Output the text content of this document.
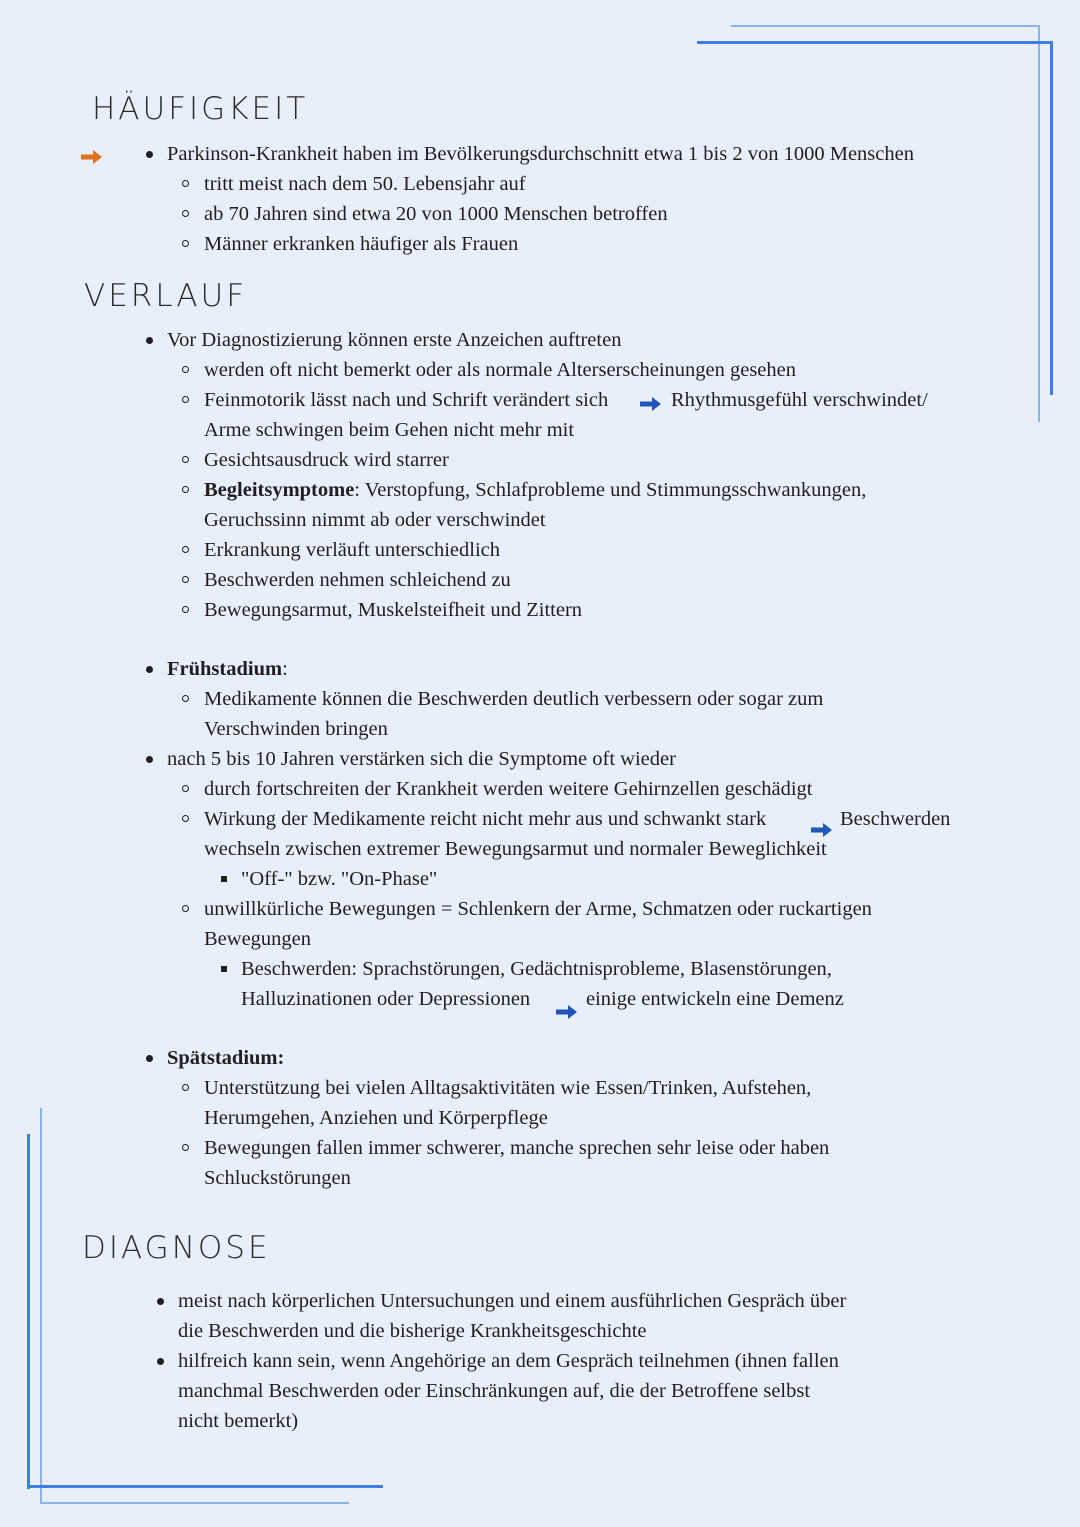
HÄUFIGKEIT
Parkinson-Krankheit haben im Bevölkerungsdurchschnitt etwa 1 bis 2 von 1000 Menschen
tritt meist nach dem 50. Lebensjahr auf
ab 70 Jahren sind etwa 20 von 1000 Menschen betroffen
Männer erkranken häufiger als Frauen
VERLAUF
Vor Diagnostizierung können erste Anzeichen auftreten
werden oft nicht bemerkt oder als normale Alterserscheinungen gesehen
Feinmotorik lässt nach und Schrift verändert sich	Rhythmusgefühl verschwindet/
Arme schwingen beim Gehen nicht mehr mit
Gesichtsausdruck wird starrer
Begleitsymptome: Verstopfung, Schlafprobleme und Stimmungsschwankungen,
Geruchssinn nimmt ab oder verschwindet
Erkrankung verläuft unterschiedlich
Beschwerden nehmen schleichend zu
Bewegungsarmut, Muskelsteifheit und Zittern
Frühstadium:
Medikamente können die Beschwerden deutlich verbessern oder sogar zum
Verschwinden bringen
nach 5 bis 10 Jahren verstärken sich die Symptome oft wieder
durch fortschreiten der Krankheit werden weitere Gehirnzellen geschädigt
Wirkung der Medikamente reicht nicht mehr aus und schwankt stark	Beschwerden
wechseln zwischen extremer Bewegungsarmut und normaler Beweglichkeit
"Off-" bzw. "On-Phase"
unwillkürliche Bewegungen = Schlenkern der Arme, Schmatzen oder ruckartigen
Bewegungen
Beschwerden: Sprachstörungen, Gedächtnisprobleme, Blasenstörungen,
Halluzinationen oder Depressionen	einige entwickeln eine Demenz
Spätstadium:
Unterstützung bei vielen Alltagsaktivitäten wie Essen/Trinken, Aufstehen,
Herumgehen, Anziehen und Körperpflege
Bewegungen fallen immer schwerer, manche sprechen sehr leise oder haben
Schluckstörungen
DIAGNOSE
meist nach körperlichen Untersuchungen und einem ausführlichen Gespräch über
die Beschwerden und die bisherige Krankheitsgeschichte
hilfreich kann sein, wenn Angehörige an dem Gespräch teilnehmen (ihnen fallen
manchmal Beschwerden oder Einschränkungen auf, die der Betroffene selbst
nicht bemerkt)
